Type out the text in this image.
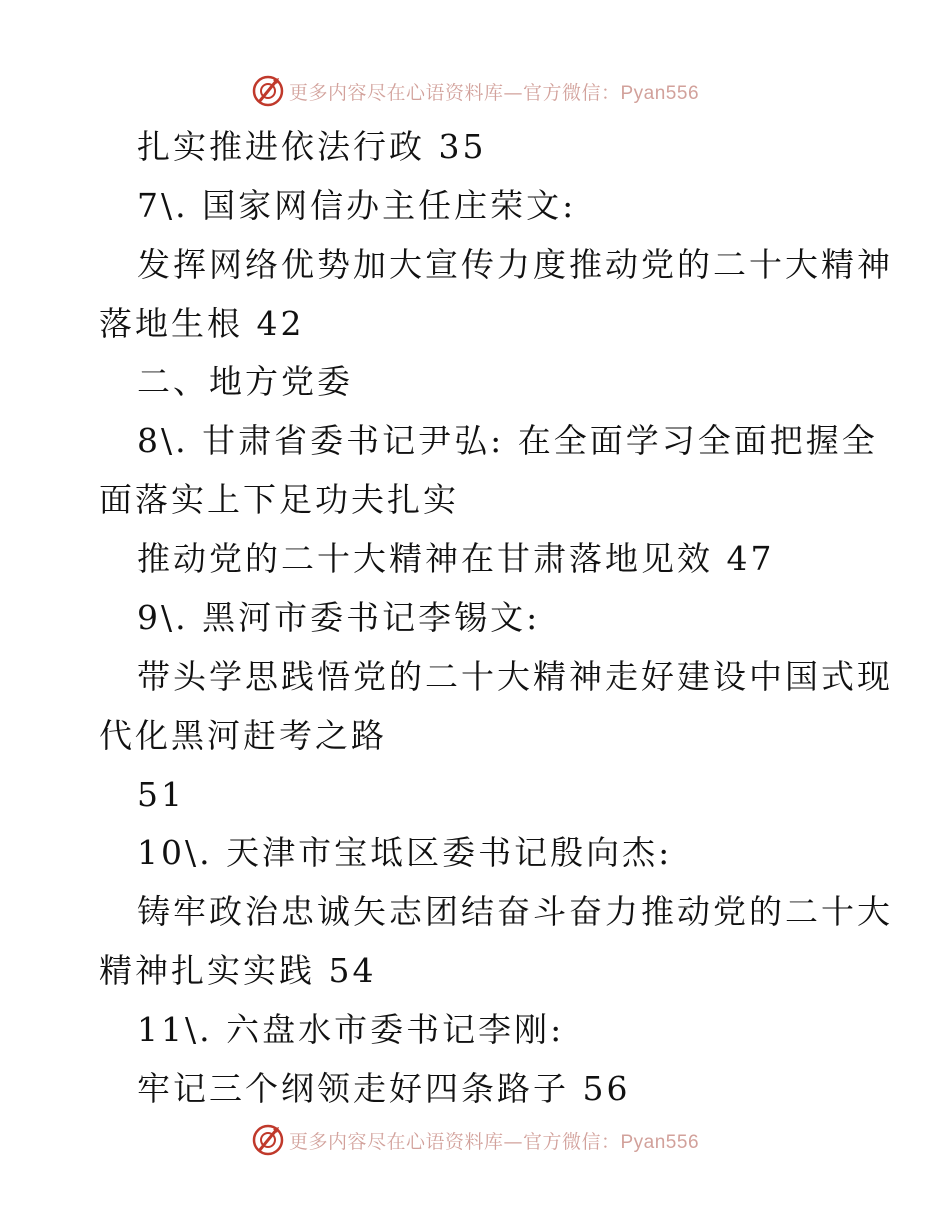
更多内容尽在心语资料库—官方微信：Pyan556
扎实推进依法行政 35
7\. 国家网信办主任庄荣文:
发挥网络优势加大宣传力度推动党的二十大精神
落地生根 42
二、地方党委
8\. 甘肃省委书记尹弘: 在全面学习全面把握全
面落实上下足功夫扎实
推动党的二十大精神在甘肃落地见效 47
9\. 黑河市委书记李锡文:
带头学思践悟党的二十大精神走好建设中国式现
代化黑河赶考之路
51
10\. 天津市宝坻区委书记殷向杰:
铸牢政治忠诚矢志团结奋斗奋力推动党的二十大
精神扎实实践 54
11\. 六盘水市委书记李刚:
牢记三个纲领走好四条路子 56
更多内容尽在心语资料库—官方微信：Pyan556
